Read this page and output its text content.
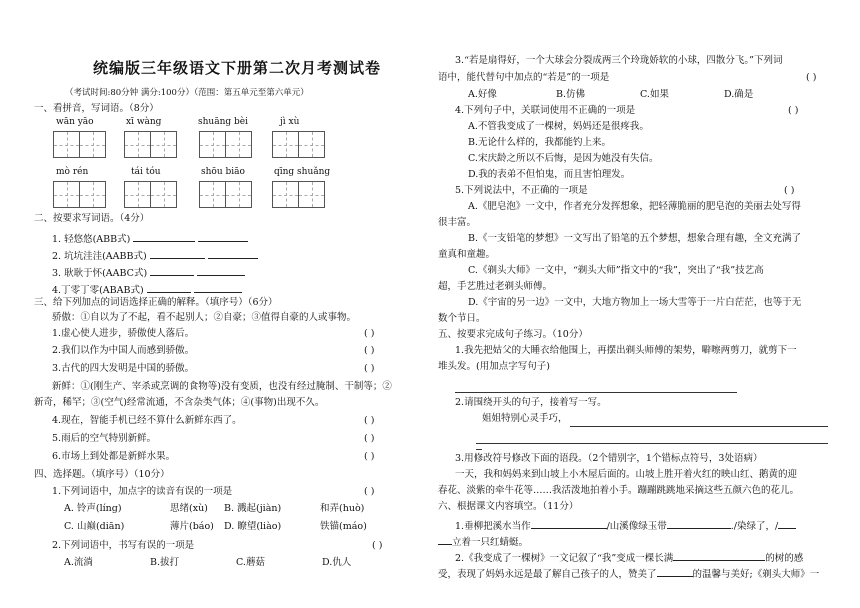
统编版三年级语文下册第二次月考测试卷
（考试时间:80分钟 满分:100分）（范围：第五单元至第六单元）
一、看拼音，写词语。（8分）
wān yāo	xī wàng	shuāng bèi	jì xù
mò rén	tái tóu	shōu biāo	qīng shuǎng
二、按要求写词语。（4分）
1. 轻悠悠(ABB式)
2. 坑坑洼洼(AABB式)
3. 耿耿于怀(AABC式)
4.丁零丁零(ABAB式)
三、给下列加点的词语选择正确的解释。（填序号）（6分）
骄傲：①自以为了不起，看不起别人；②自豪；③值得自豪的人或事物。
1.虚心使人进步，骄傲使人落后。	( )
2.我们以作为中国人而感到骄傲。	( )
3.古代的四大发明是中国的骄傲。	( )
新鲜：①(刚生产、宰杀或烹调的食物等)没有变质，也没有经过腌制、干制等；②
新奇，稀罕；③(空气)经常流通，不含杂类气体；④(事物)出现不久。
4.现在，智能手机已经不算什么新鲜东西了。	( )
5.雨后的空气特别新鲜。	( )
6.市场上到处都是新鲜水果。	( )
四、选择题。（填序号）（10分）
1.下列词语中，加点字的读音有误的一项是	( )
A. 铃声(líng)	思绪(xù) B. 溅起(jiàn)	和弄(huò)
C. 山巅(diān)	薄片(báo) D. 瞭望(liào)	铁锚(máo)
2.下列词语中，书写有误的一项是	( )
A.流淌	B.拔打	C.蘑菇	D.仇人
3.“若是扇得好，一个大球会分裂成两三个玲珑娇软的小球，四散分飞。”下列词
语中，能代替句中加点的“若是”的一项是	( )
A.好像	B.仿佛	C.如果	D.确是
4.下列句子中，关联词使用不正确的一项是	( )
A.不管我变成了一棵树，妈妈还是很疼我。
B.无论什么样的，我都能钓上来。
C.宋庆龄之所以不后悔，是因为她没有失信。
D.我的表弟不但怕鬼，而且害怕理发。
5.下列说法中，不正确的一项是	( )
A.《肥皂泡》一文中，作者充分发挥想象，把轻薄脆丽的肥皂泡的美丽去处写得
很丰富。
B.《一支铅笔的梦想》一文写出了铅笔的五个梦想，想象合理有趣，全文充满了
童真和童趣。
C.《剃头大师》一文中，“剃头大师”指文中的“我”，突出了“我”技艺高
超，手艺胜过老剃头师傅。
D.《宇宙的另一边》一文中，大地方物加上一场大雪等于一片白茫茫，也等于无
数个节日。
五、按要求完成句子练习。（10分）
1.我先把姑父的大睡衣给他围上，再摆出剃头师傅的架势，噼嚓两剪刀，就剪下一
堆头发。(用加点字写句子)
2.请围绕开头的句子，接着写一写。
姐姐特别心灵手巧，
3.用修改符号修改下面的语段。（2个错别字，1个错标点符号，3处语病）
一天，我和妈妈来到山坡上小木屋后面的。山坡上胜开着火红的映山红、鹅黄的迎
春花、淡紫的牵牛花等……我活泼地拍着小手。蹦蹦跳跳地采摘这些五颜六色的花儿。
六、根据课文内容填空。（11分）
1.垂柳把溪水当作	/山溪像绿玉带	./染绿了，/
立着一只红蜻蜓。
2.《我变成了一棵树》一文记叙了“我”变成一棵长满	的树的感
受，表现了妈妈永远是最了解自己孩子的人，赞美了	的温馨与美好;《剃头大师》一
